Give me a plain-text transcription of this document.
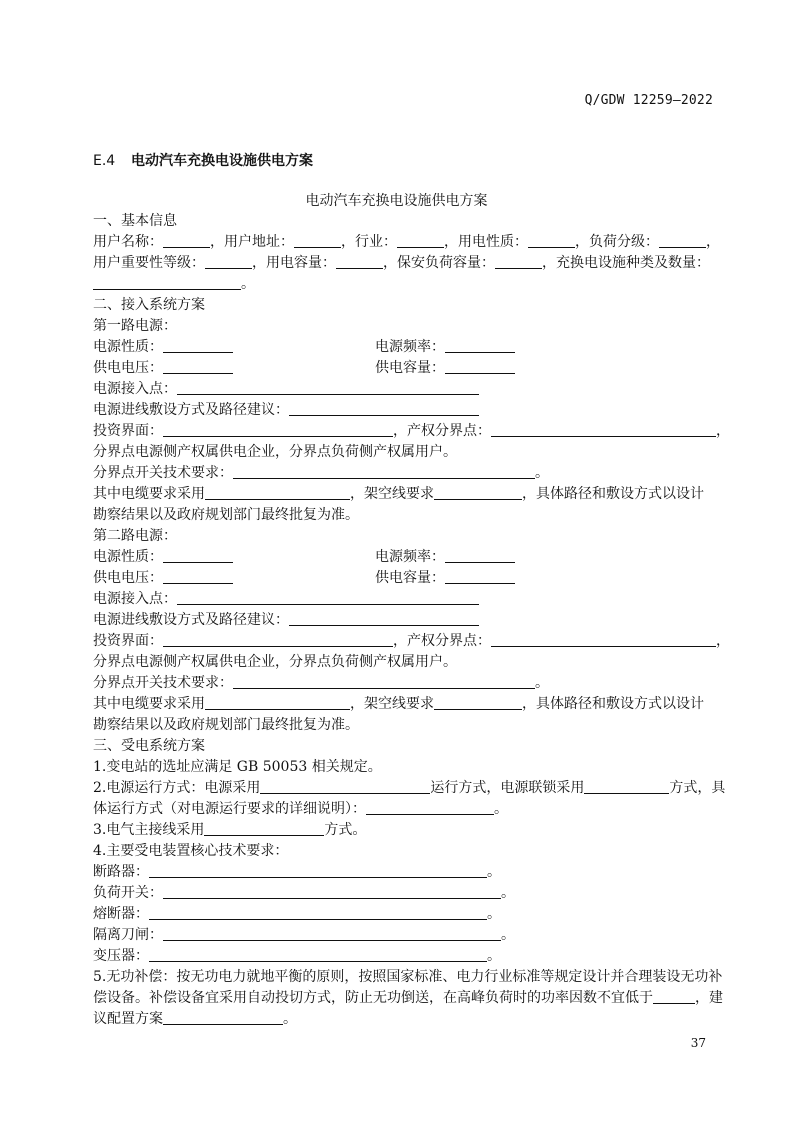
Q/GDW 12259—2022
E.4 电动汽车充换电设施供电方案
电动汽车充换电设施供电方案
一、基本信息
用户名称：	，用户地址：	，行业：	，用电性质：	，负荷分级：	，
用户重要性等级：	，用电容量：	，保安负荷容量：	，充换电设施种类及数量：
。
二、接入系统方案
第一路电源：
电源性质：	电源频率：
供电电压：	供电容量：
电源接入点：
电源进线敷设方式及路径建议：
投资界面：	，产权分界点：	，
分界点电源侧产权属供电企业，分界点负荷侧产权属用户。
分界点开关技术要求：	。
其中电缆要求采用	，架空线要求	，具体路径和敷设方式以设计
勘察结果以及政府规划部门最终批复为准。
第二路电源：
电源性质：	电源频率：
供电电压：	供电容量：
电源接入点：
电源进线敷设方式及路径建议：
投资界面：	，产权分界点：	，
分界点电源侧产权属供电企业，分界点负荷侧产权属用户。
分界点开关技术要求：	。
其中电缆要求采用	，架空线要求	，具体路径和敷设方式以设计
勘察结果以及政府规划部门最终批复为准。
三、受电系统方案
1.变电站的选址应满足 GB 50053 相关规定。
2.电源运行方式：电源采用	运行方式，电源联锁采用	方式，具
体运行方式（对电源运行要求的详细说明）：	。
3.电气主接线采用	方式。
4.主要受电装置核心技术要求：
断路器：	。
负荷开关：	。
熔断器：	。
隔离刀闸：	。
变压器：	。
5.无功补偿：按无功电力就地平衡的原则，按照国家标准、电力行业标准等规定设计并合理装设无功补
偿设备。补偿设备宜采用自动投切方式，防止无功倒送，在高峰负荷时的功率因数不宜低于	，建
议配置方案	。
37
